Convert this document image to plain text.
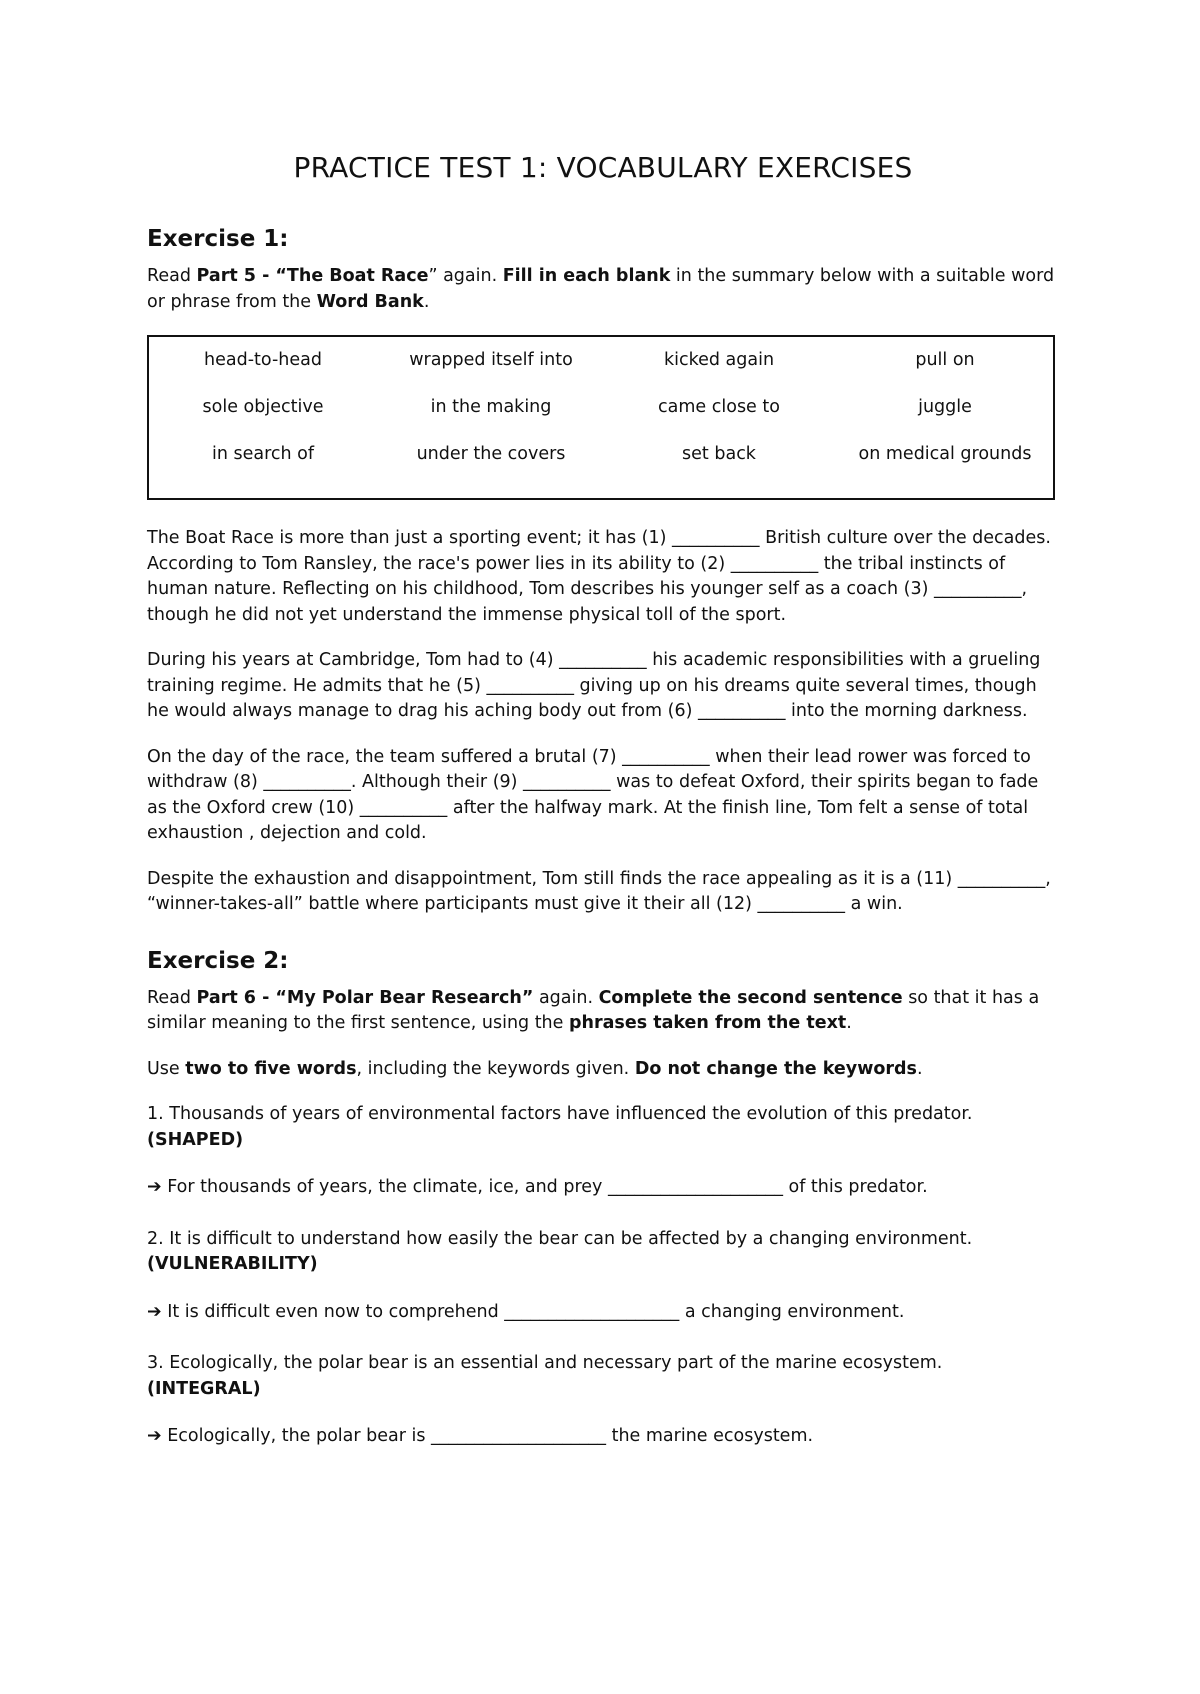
PRACTICE TEST 1: VOCABULARY EXERCISES
Exercise 1:

Read Part 5 - “The Boat Race” again. Fill in each blank in the summary below with a suitable word or phrase from the Word Bank.

head-to-head	wrapped itself into	kicked again	pull on
sole objective	in the making	came close to	juggle
in search of	under the covers	set back	on medical grounds

The Boat Race is more than just a sporting event; it has (1) __________ British culture over the decades. According to Tom Ransley, the race's power lies in its ability to (2) __________ the tribal instincts of human nature. Reflecting on his childhood, Tom describes his younger self as a coach (3) __________, though he did not yet understand the immense physical toll of the sport.

During his years at Cambridge, Tom had to (4) __________ his academic responsibilities with a grueling training regime. He admits that he (5) __________ giving up on his dreams quite several times, though he would always manage to drag his aching body out from (6) __________ into the morning darkness.

On the day of the race, the team suffered a brutal (7) __________ when their lead rower was forced to withdraw (8) __________. Although their (9) __________ was to defeat Oxford, their spirits began to fade as the Oxford crew (10) __________ after the halfway mark. At the finish line, Tom felt a sense of total exhaustion , dejection and cold.

Despite the exhaustion and disappointment, Tom still finds the race appealing as it is a (11) __________, “winner-takes-all” battle where participants must give it their all (12) __________ a win.

Exercise 2:

Read Part 6 - “My Polar Bear Research” again. Complete the second sentence so that it has a similar meaning to the first sentence, using the phrases taken from the text.

Use two to five words, including the keywords given. Do not change the keywords.

1. Thousands of years of environmental factors have influenced the evolution of this predator.

(SHAPED)

➔ For thousands of years, the climate, ice, and prey ____________________ of this predator.

2. It is difficult to understand how easily the bear can be affected by a changing environment.

(VULNERABILITY)

➔ It is difficult even now to comprehend ____________________ a changing environment.

3. Ecologically, the polar bear is an essential and necessary part of the marine ecosystem.

(INTEGRAL)

➔ Ecologically, the polar bear is ____________________ the marine ecosystem.
